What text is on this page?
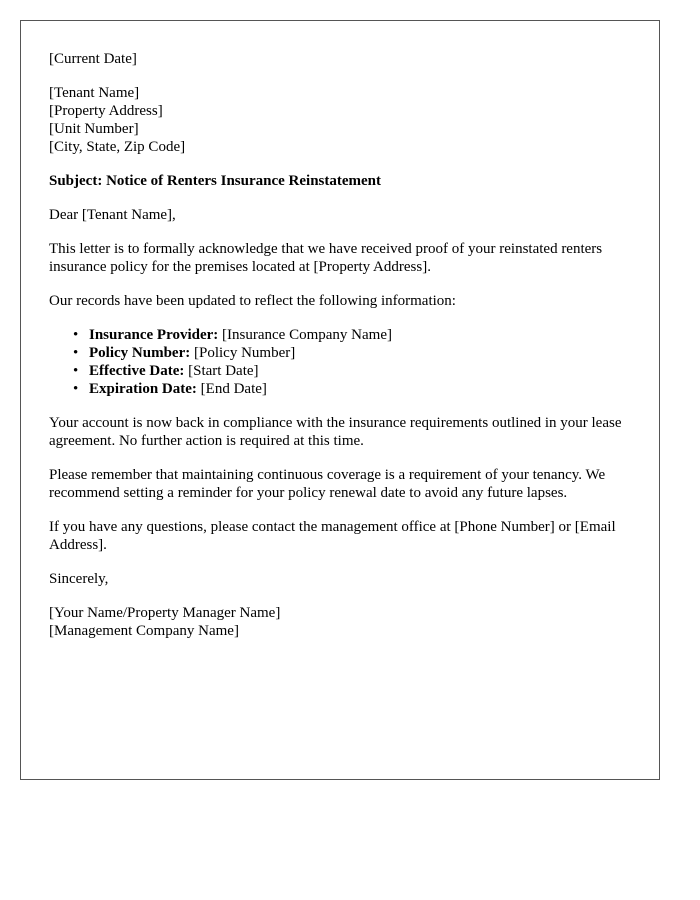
[Current Date]

[Tenant Name]
[Property Address]
[Unit Number]
[City, State, Zip Code]

Subject: Notice of Renters Insurance Reinstatement

Dear [Tenant Name],

This letter is to formally acknowledge that we have received proof of your reinstated renters insurance policy for the premises located at [Property Address].

Our records have been updated to reflect the following information:

• Insurance Provider: [Insurance Company Name]
• Policy Number: [Policy Number]
• Effective Date: [Start Date]
• Expiration Date: [End Date]

Your account is now back in compliance with the insurance requirements outlined in your lease agreement. No further action is required at this time.

Please remember that maintaining continuous coverage is a requirement of your tenancy. We recommend setting a reminder for your policy renewal date to avoid any future lapses.

If you have any questions, please contact the management office at [Phone Number] or [Email Address].

Sincerely,

[Your Name/Property Manager Name]
[Management Company Name]
